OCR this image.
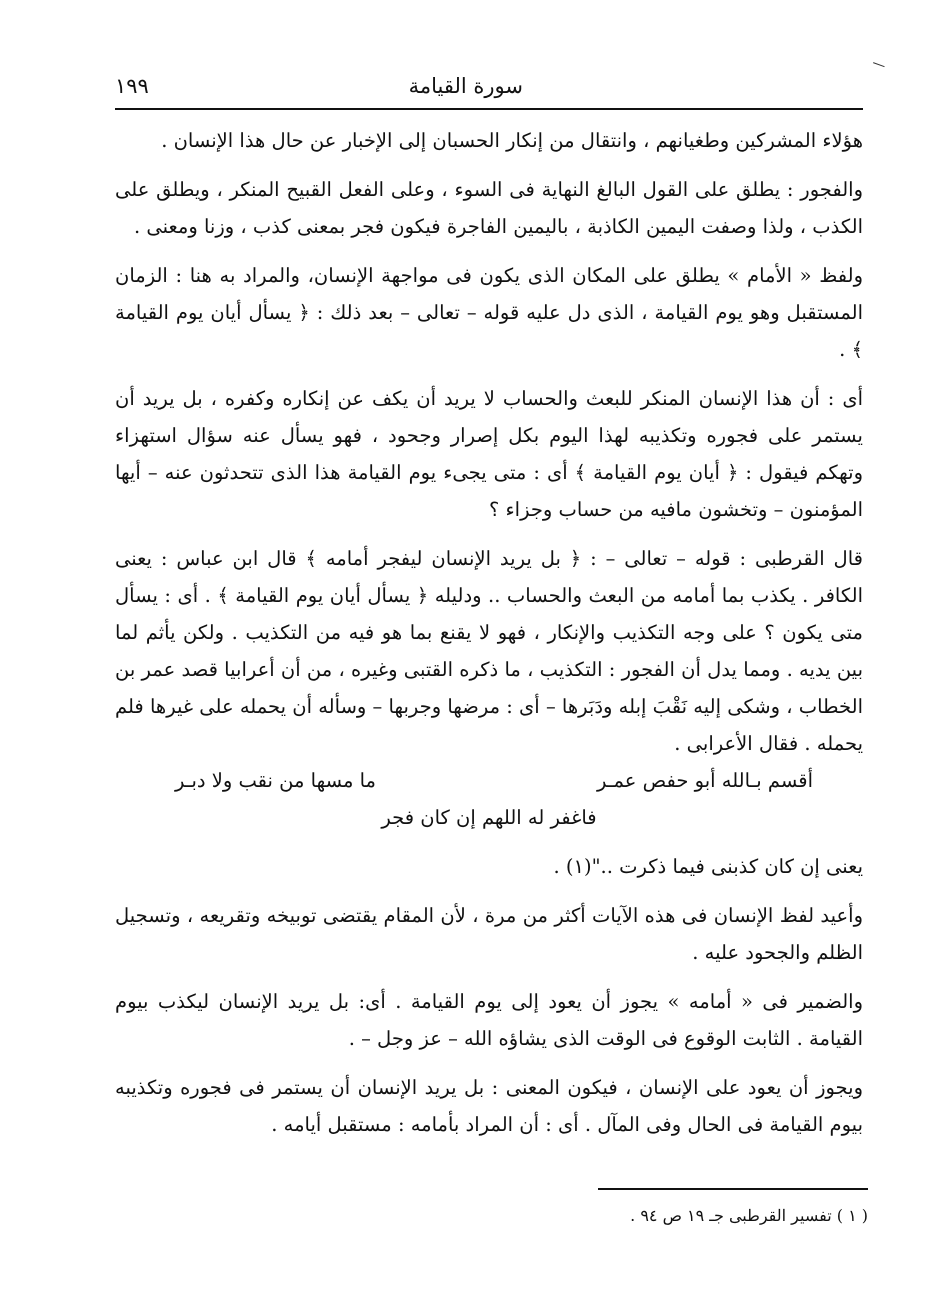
١٩٩	سورة القيامة

هؤلاء المشركين وطغيانهم ، وانتقال من إنكار الحسبان إلى الإخبار عن حال هذا الإنسان .

والفجور : يطلق على القول البالغ النهاية فى السوء ، وعلى الفعل القبيح المنكر ، ويطلق على الكذب ، ولذا وصفت اليمين الكاذبة ، باليمين الفاجرة فيكون فجر بمعنى كذب ، وزنا ومعنى .

ولفظ « الأمام » يطلق على المكان الذى يكون فى مواجهة الإنسان، والمراد به هنا : الزمان المستقبل وهو يوم القيامة ، الذى دل عليه قوله – تعالى – بعد ذلك : ﴿ يسأل أيان يوم القيامة ﴾ .

أى : أن هذا الإنسان المنكر للبعث والحساب لا يريد أن يكف عن إنكاره وكفره ، بل يريد أن يستمر على فجوره وتكذيبه لهذا اليوم بكل إصرار وجحود ، فهو يسأل عنه سؤال استهزاء وتهكم فيقول : ﴿ أيان يوم القيامة ﴾ أى : متى يجىء يوم القيامة هذا الذى تتحدثون عنه – أيها المؤمنون – وتخشون مافيه من حساب وجزاء ؟

قال القرطبى : قوله – تعالى – : ﴿ بل يريد الإنسان ليفجر أمامه ﴾ قال ابن عباس : يعنى الكافر . يكذب بما أمامه من البعث والحساب .. ودليله ﴿ يسأل أيان يوم القيامة ﴾ . أى : يسأل متى يكون ؟ على وجه التكذيب والإنكار ، فهو لا يقنع بما هو فيه من التكذيب . ولكن يأثم لما بين يديه . ومما يدل أن الفجور : التكذيب ، ما ذكره القتبى وغيره ، من أن أعرابيا قصد عمر بن الخطاب ، وشكى إليه نَقْبَ إبله ودَبَرها – أى : مرضها وجربها – وسأله أن يحمله على غيرها فلم يحمله . فقال الأعرابى .

أقسم بـالله أبو حفص عمـر
ما مسها من نقب ولا دبـر

فاغفر له اللهم إن كان فجر

يعنى إن كان كذبنى فيما ذكرت .."(١) .

وأعيد لفظ الإنسان فى هذه الآيات أكثر من مرة ، لأن المقام يقتضى توبيخه وتقريعه ، وتسجيل الظلم والجحود عليه .

والضمير فى « أمامه » يجوز أن يعود إلى يوم القيامة . أى: بل يريد الإنسان ليكذب بيوم القيامة . الثابت الوقوع فى الوقت الذى يشاؤه الله – عز وجل – .

ويجوز أن يعود على الإنسان ، فيكون المعنى : بل يريد الإنسان أن يستمر فى فجوره وتكذيبه بيوم القيامة فى الحال وفى المآل . أى : أن المراد بأمامه : مستقبل أيامه .

( ١ ) تفسير القرطبى جـ ١٩ ص ٩٤ .
